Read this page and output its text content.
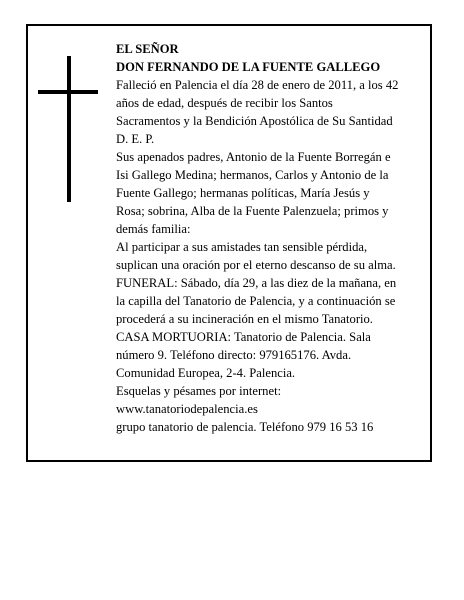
EL SEÑOR
DON FERNANDO DE LA FUENTE GALLEGO
Falleció en Palencia el día 28 de enero de 2011, a los 42
años de edad, después de recibir los Santos
Sacramentos y la Bendición Apostólica de Su Santidad
D. E. P.
Sus apenados padres, Antonio de la Fuente Borregán e
Isi Gallego Medina; hermanos, Carlos y Antonio de la
Fuente Gallego; hermanas políticas, María Jesús y
Rosa; sobrina, Alba de la Fuente Palenzuela; primos y
demás familia:
Al participar a sus amistades tan sensible pérdida,
suplican una oración por el eterno descanso de su alma.
FUNERAL: Sábado, día 29, a las diez de la mañana, en
la capilla del Tanatorio de Palencia, y a continuación se
procederá a su incineración en el mismo Tanatorio.
CASA MORTUORIA: Tanatorio de Palencia. Sala
número 9. Teléfono directo: 979165176. Avda.
Comunidad Europea, 2-4. Palencia.
Esquelas y pésames por internet:
www.tanatoriodepalencia.es
grupo tanatorio de palencia. Teléfono 979 16 53 16
